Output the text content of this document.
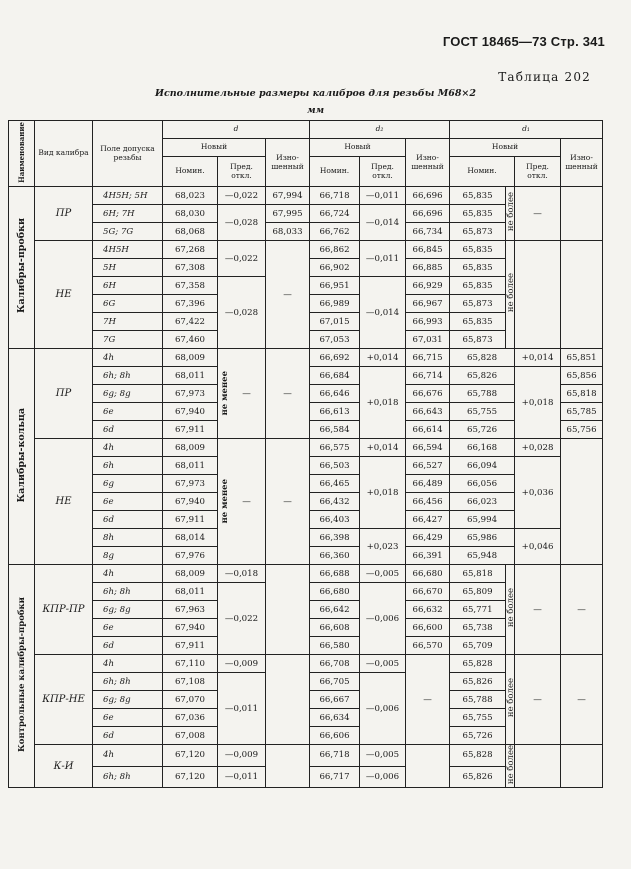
ГОСТ 18465—73 Стр. 341
Таблица 202
Исполнительные размеры калибров для резьбы М68×2
мм
Наименование	Вид калибра	Поле допуска резьбы	d			d₂			d₁			
			Новый		Изношенный	Новый		Изношенный	Новый			Изношенный
			Номин.	Пред. откл.		Номин.	Пред. откл.		Номин.		Пред. откл.	
Калибры-пробки	ПР	4H5H; 5H	68,023	—0,022	67,994	66,718	—0,011	66,696	65,835	не более	—	
		6H; 7H	68,030	—0,028	67,995	66,724	—0,014	66,696	65,835			
		5G; 7G	68,068		68,033	66,762		66,734	65,873			
	НЕ	4H5H	67,268	—0,022	—	66,862	—0,011	66,845	65,835	не более		
		5H	67,308			66,902		66,885	65,835			
		6H	67,358	—0,028		66,951	—0,014	66,929	65,835			
		6G	67,396			66,989		66,967	65,873			
		7H	67,422			67,015		66,993	65,835			
		7G	67,460			67,053		67,031	65,873			
Калибры-кольца	ПР	4h	68,009	не менее —	—	66,692	+0,014	66,715	65,828		+0,014	65,851
		6h; 8h	68,011			66,684	+0,018	66,714	65,826		+0,018	65,856
		6g; 8g	67,973			66,646		66,676	65,788			65,818
		6e	67,940			66,613		66,643	65,755			65,785
		6d	67,911			66,584		66,614	65,726			65,756
	НЕ	4h	68,009	не менее —	—	66,575	+0,014	66,594	66,168		+0,028	
		6h	68,011			66,503	+0,018	66,527	66,094		+0,036	
		6g	67,973			66,465		66,489	66,056			
		6e	67,940			66,432		66,456	66,023			
		6d	67,911			66,403		66,427	65,994			
		8h	68,014			66,398	+0,023	66,429	65,986		+0,046	
		8g	67,976			66,360		66,391	65,948			
Контрольные калибры-пробки	КПР-ПР	4h	68,009	—0,018		66,688	—0,005	66,680	65,818	не более	—	—
		6h; 8h	68,011	—0,022		66,680	—0,006	66,670	65,809			
		6g; 8g	67,963			66,642		66,632	65,771			
		6e	67,940			66,608		66,600	65,738			
		6d	67,911			66,580		66,570	65,709			
	КПР-НЕ	4h	67,110	—0,009		66,708	—0,005	—	65,828	не более	—	—
		6h; 8h	67,108	—0,011		66,705	—0,006		65,826			
		6g; 8g	67,070			66,667			65,788			
		6e	67,036			66,634			65,755			
		6d	67,008			66,606			65,726			
	К-И	4h	67,120	—0,009		66,718	—0,005		65,828	не более		
		6h; 8h	67,120	—0,011		66,717	—0,006		65,826			
